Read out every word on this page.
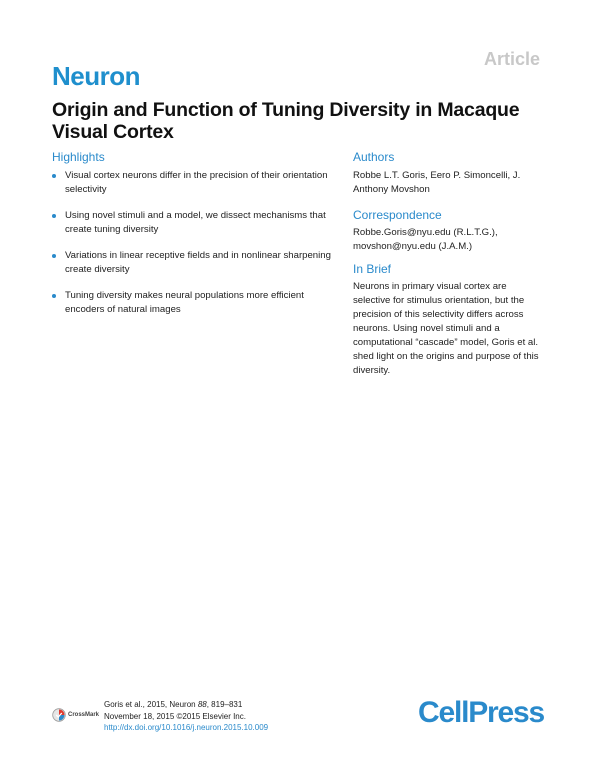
Article
Neuron
Origin and Function of Tuning Diversity in Macaque Visual Cortex
Highlights
Visual cortex neurons differ in the precision of their orientation selectivity
Using novel stimuli and a model, we dissect mechanisms that create tuning diversity
Variations in linear receptive fields and in nonlinear sharpening create diversity
Tuning diversity makes neural populations more efficient encoders of natural images
Authors
Robbe L.T. Goris, Eero P. Simoncelli, J. Anthony Movshon
Correspondence
Robbe.Goris@nyu.edu (R.L.T.G.),
movshon@nyu.edu (J.A.M.)
In Brief
Neurons in primary visual cortex are selective for stimulus orientation, but the precision of this selectivity differs across neurons. Using novel stimuli and a computational “cascade” model, Goris et al. shed light on the origins and purpose of this diversity.
CrossMark
Goris et al., 2015, Neuron 88, 819–831
November 18, 2015 ©2015 Elsevier Inc.
http://dx.doi.org/10.1016/j.neuron.2015.10.009	CellPress
